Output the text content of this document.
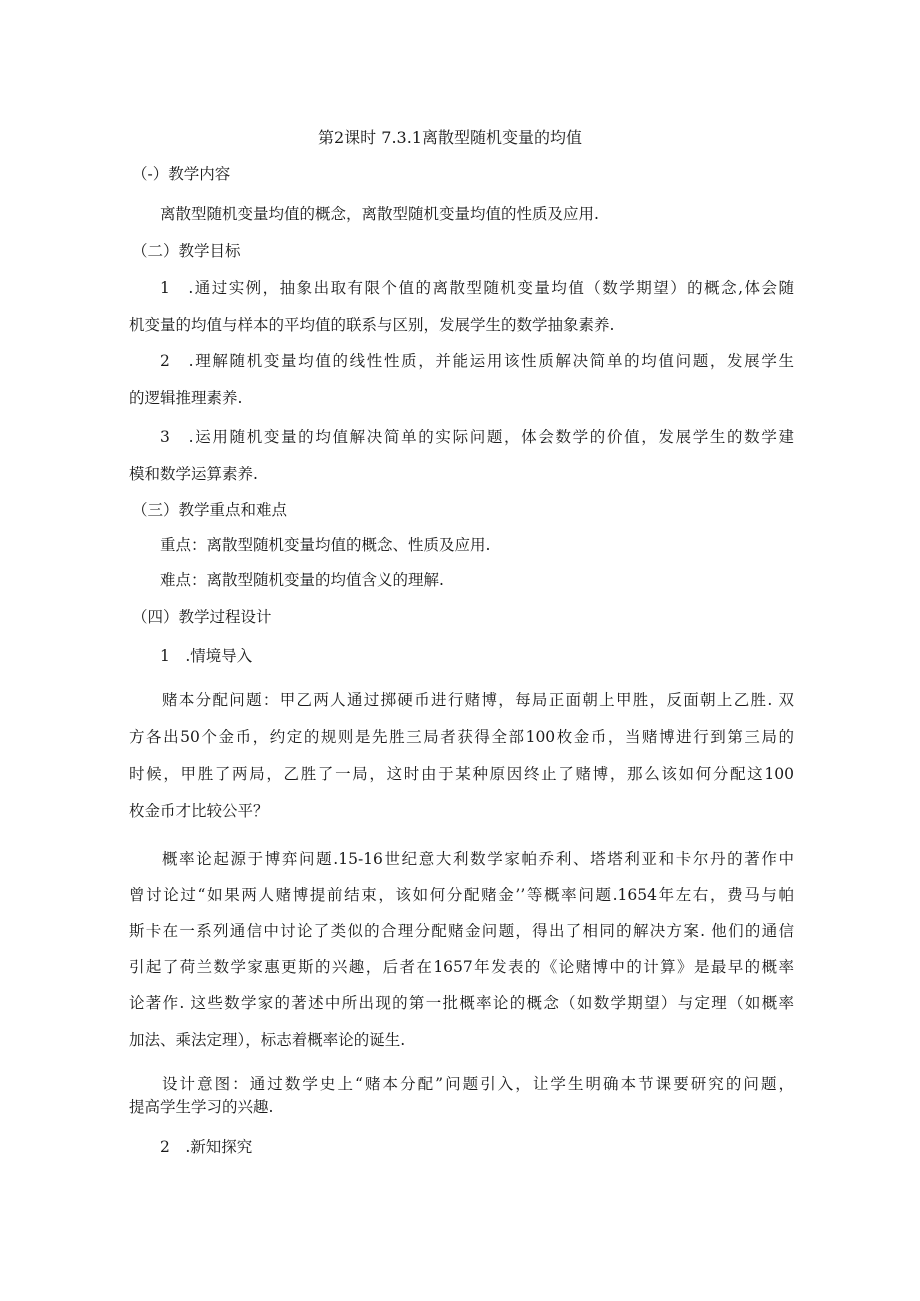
第2课时 7.3.1离散型随机变量的均值
（-）教学内容
离散型随机变量均值的概念，离散型随机变量均值的性质及应用.
（二）教学目标
1　.通过实例，抽象出取有限个值的离散型随机变量均值（数学期望）的概念,体会随
机变量的均值与样本的平均值的联系与区别，发展学生的数学抽象素养.
2　.理解随机变量均值的线性性质，并能运用该性质解决简单的均值问题，发展学生
的逻辑推理素养.
3　.运用随机变量的均值解决简单的实际问题，体会数学的价值，发展学生的数学建
模和数学运算素养.
（三）教学重点和难点
重点：离散型随机变量均值的概念、性质及应用.
难点：离散型随机变量的均值含义的理解.
（四）教学过程设计
1　.情境导入
赌本分配问题：甲乙两人通过掷硬币进行赌博，每局正面朝上甲胜，反面朝上乙胜. 双
方各出50个金币，约定的规则是先胜三局者获得全部100枚金币，当赌博进行到第三局的
时候，甲胜了两局，乙胜了一局，这时由于某种原因终止了赌博，那么该如何分配这100
枚金币才比较公平？
概率论起源于博弈问题.15-16世纪意大利数学家帕乔利、塔塔利亚和卡尔丹的著作中
曾讨论过“如果两人赌博提前结束，该如何分配赌金’’等概率问题.1654年左右，费马与帕
斯卡在一系列通信中讨论了类似的合理分配赌金问题，得出了相同的解决方案. 他们的通信
引起了荷兰数学家惠更斯的兴趣，后者在1657年发表的《论赌博中的计算》是最早的概率
论著作. 这些数学家的著述中所出现的第一批概率论的概念（如数学期望）与定理（如概率
加法、乘法定理），标志着概率论的诞生.
设计意图：通过数学史上“赌本分配”问题引入，让学生明确本节课要研究的问题，
提高学生学习的兴趣.
2　.新知探究
